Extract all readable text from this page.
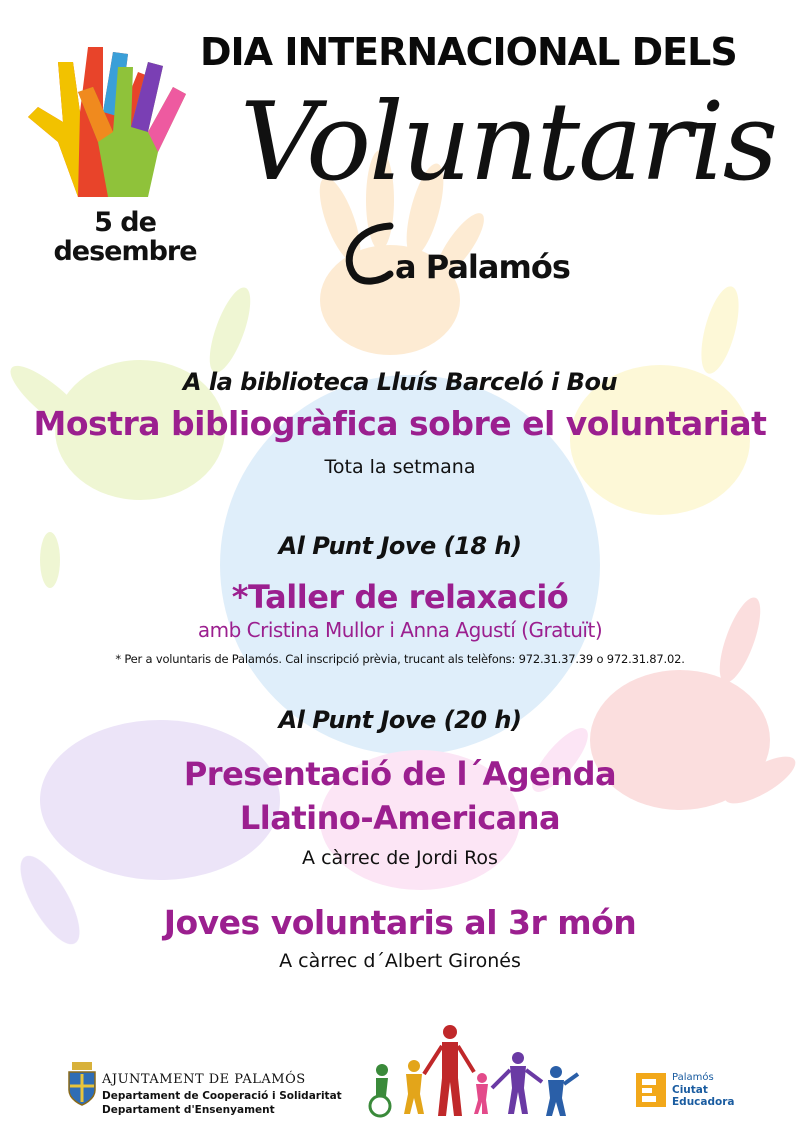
DIA INTERNACIONAL DELS
Voluntaris
a Palamós
5 de
desembre
A la biblioteca Lluís Barceló i Bou
Mostra bibliogràfica sobre el voluntariat
Tota la setmana
Al Punt Jove (18 h)
*Taller de relaxació
amb Cristina Mullor i Anna Agustí (Gratuït)
* Per a voluntaris de Palamós. Cal inscripció prèvia, trucant als telèfons: 972.31.37.39 o 972.31.87.02.
Al Punt Jove (20 h)
Presentació de l´Agenda
Llatino-Americana
A càrrec de Jordi Ros
Joves voluntaris al 3r món
A càrrec d´Albert Gironés
AJUNTAMENT DE PALAMÓS
Departament de Cooperació i Solidaritat
Departament d'Ensenyament
Palamós
Ciutat
Educadora
